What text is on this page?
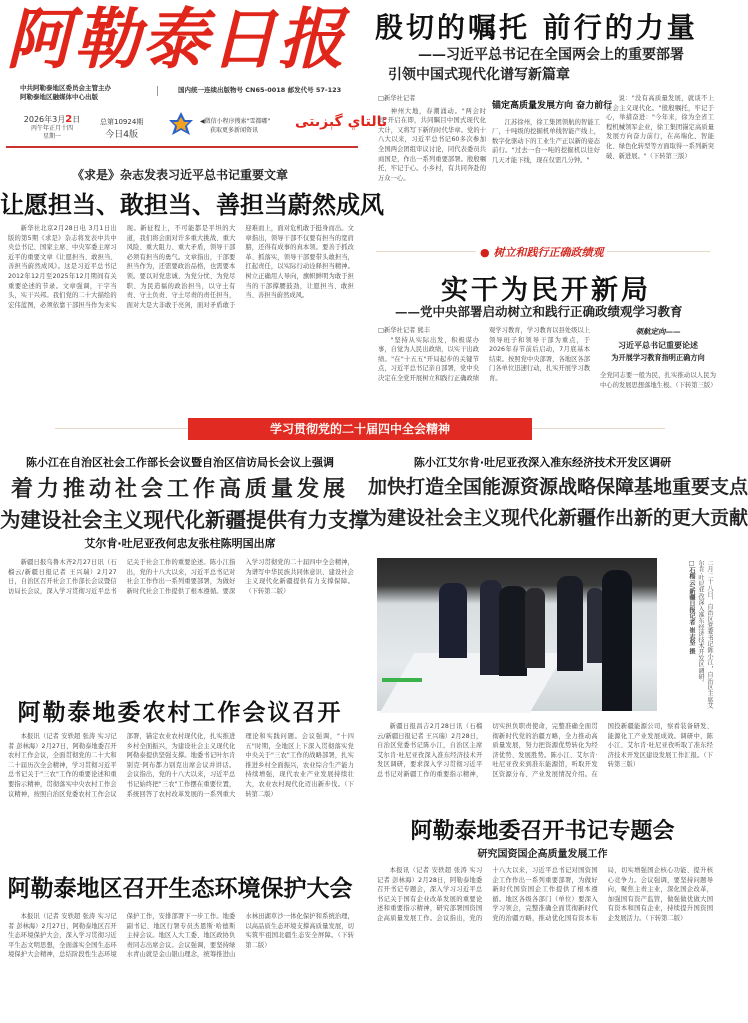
阿勒泰日报
中共阿勒泰地区委员会主管主办
阿勒泰地区融媒体中心出版
国内统一连续出版物号 CN65-0018 邮发代号 57-123
2026年3月2日
丙午年正月十四
星期一
总第10924期
今日4版
◀微信小程序搜索"雪都嘟"
获取更多新闻资讯
ئالتاي گېزىتى
殷切的嘱托 前行的力量
——习近平总书记在全国两会上的重要部署
引领中国式现代化谱写新篇章
□新华社记者

神州大地，春潮涌动。"两会时间"开启在即，共同瞩目中国式现代化大计，又将写下新的时代华章。党的十八大以来，习近平总书记60多次参加全国两会团组审议讨论，同代表委员共商国是，作出一系列重要部署。殷殷嘱托，牢记于心。小乡村，有共同奔赴的万众一心。

锚定高质量发展方向 奋力前行

江苏徐州，徐工集团领航的智能工厂，十吨级的挖掘机单线智能产线上，数字化驱动下的工业生产正以新的姿态前行。"过去一台一吨的挖掘机以往好几天才能下线，现在仅需几分钟。"

说："没有高质量发展，就谈不上社会主义现代化。"殷殷嘱托，牢记于心，举措奋进："今年来，徐为全省工程机械领军企业，徐工集团锚定高质量发展方向奋力前行，在高端化、智能化、绿色化转型等方面取得一系列新突破、新进展。"（下转第三版）

《求是》杂志发表习近平总书记重要文章
让愿担当、敢担当、善担当蔚然成风

新华社北京2月28日电 3月1日出版的第5期《求是》杂志将发表中共中央总书记、国家主席、中央军委主席习近平的重要文章《让愿担当、敢担当、善担当蔚然成风》。这是习近平总书记2012年12月至2025年12月期间有关重要论述的节录。文章强调，干字当头，实干兴邦。我们党的二十大描绘的宏伟蓝图，必须依靠干部担当作为来实现。新征程上，不可能都是平坦的大道，我们将会面对许多重大挑战、重大风险、重大阻力、重大矛盾，领导干部必须有担当的勇气。文章指出，干部要担当作为，还需要政治品格，也需要本领。要以对党忠诚、为党分忧、为党尽职、为民造福的政治担当，以守土有责、守土负责、守土尽责的责任担当，面对大是大非敢于亮剑，面对矛盾敢于迎难而上，面对危机敢于挺身而出。文章指出，领导干部不仅要有担当的宽肩膀，还得有成事的真本领。要善于抓改革、抓落实，领导干部要带头敢担当，扛起责任，以实际行动诠释担当精神。树立正确用人导向，旗帜鲜明为敢于担当的干部撑腰鼓劲，让愿担当、敢担当、善担当蔚然成风。

● 树立和践行正确政绩观
实干为民开新局
——党中央部署启动树立和践行正确政绩观学习教育
□新华社记者 熊丰

"坚持从实际出发，积极谋办事，自觉为人民出政绩，以实干出政绩。"在"十五五"开局起步的关键节点，习近平总书记亲自部署，党中央决定在全党开展树立和践行正确政绩观学习教育，学习教育以县处级以上领导班子和领导干部为重点，于2026年春节前后启动，7月底基本结束。按照党中央部署，各地区各部门各单位迅速行动，扎实开展学习教育。

领航定向——
习近平总书记重要论述
为开展学习教育指明正确方向
全党同志要一般为民，扎实推动以人民为中心的发展思想落地生根。（下转第三版）
学习贯彻党的二十届四中全会精神
陈小江在自治区社会工作部长会议暨自治区信访局长会议上强调
着力推动社会工作高质量发展
为建设社会主义现代化新疆提供有力支撑
艾尔肯·吐尼亚孜何忠友张柱陈明国出席

新疆日报乌鲁木齐2月27日讯（石榴云/新疆日报记者 王兴瑞）2月27日，自治区召开社会工作部长会议暨信访局长会议，深入学习贯彻习近平总书记关于社会工作的重要论述。陈小江指出，党的十八大以来，习近平总书记对社会工作作出一系列重要部署，为做好新时代社会工作提供了根本遵循。要深入学习贯彻党的二十届四中全会精神，为谱写中华民族共同体意识、建设社会主义现代化新疆提供有力支撑保障。（下转第二版）

陈小江艾尔肯·吐尼亚孜深入准东经济技术开发区调研
加快打造全国能源资源战略保障基地重要支点
为建设社会主义现代化新疆作出新的更大贡献
二月二十八日，自治区党委书记陈小江，自治区主席艾尔肯·吐尼亚孜深入准东经济技术开发区调研。
□石榴云/新疆日报记者 崔志坚 摄

新疆日报昌吉2月28日讯（石榴云/新疆日报记者 王兴瑞）2月28日，自治区党委书记陈小江，自治区主席艾尔肯·吐尼亚孜深入准东经济技术开发区调研，要求深入学习贯彻习近平总书记对新疆工作的重要指示精神，切实担负职责使命，完整准确全面贯彻新时代党的治疆方略，全力推动高质量发展，努力把资源优势转化为经济优势、发展胜势。陈小江、艾尔肯·吐尼亚孜来到准东能源馆，听取开发区资源分布、产业发展情况介绍。在国投新疆能源公司，察看装备研发、能源化工产业发展成效。调研中，陈小江、艾尔肯·吐尼亚孜听取了准东经济技术开发区建设发展工作汇报。（下转第三版）

阿勒泰地委农村工作会议召开

本报讯（记者 安轶超 张涛 实习记者 彭林海）2月27日，阿勒泰地委召开农村工作会议，全面贯彻党的二十大和二十届历次全会精神，学习贯彻习近平总书记关于"三农"工作的重要论述和重要指示精神，贯彻落实中央农村工作会议精神，按照自治区党委农村工作会议部署，锚定农业农村现代化，扎实推进乡村全面振兴，为建设社会主义现代化阿勒泰提供坚强支撑。地委书记叶尔肯别克·阿布都力别克出席会议并讲话。会议指出，党的十八大以来，习近平总书记始终把"三农"工作摆在重要位置，系统回答了农村改革发展的一系列重大理论和实践问题。会议强调，"十四五"时期，全地区上下深入贯彻落实党中央关于"三农"工作的战略部署，扎实推进乡村全面振兴，农业综合生产能力持续增强，现代农业产业发展持续壮大，农业农村现代化迈出新步伐。（下转第二版）

阿勒泰地委召开书记专题会
研究国资国企高质量发展工作

本报讯（记者 安轶超 张涛 实习记者 彭林海）2月28日，阿勒泰地委召开书记专题会，深入学习习近平总书记关于国有企业改革发展的重要论述和重要指示精神，研究部署国资国企高质量发展工作。会议指出，党的十八大以来，习近平总书记对国资国企工作作出一系列重要部署，为做好新时代国资国企工作提供了根本遵循。地区各级各部门（单位）要深入学习领会，完整准确全面贯彻新时代党的治疆方略，推动优化国有资本布局，切实增强国企核心功能、提升核心竞争力。会议强调，要坚持问题导向，聚焦主责主业，深化国企改革，加强国有资产监管，做强做优做大国有资本和国有企业，持续提升国资国企发展活力。（下转第二版）

阿勒泰地区召开生态环境保护大会

本报讯（记者 安轶超 张涛 实习记者 彭林海）2月27日，阿勒泰地区召开生态环境保护大会，深入学习贯彻习近平生态文明思想，全面落实全国生态环境保护大会精神，总结阶段性生态环境保护工作，安排部署下一步工作。地委副书记、地区行署专员杰恩斯·哈德斯主持会议。地区人大工委、地区政协负责同志出席会议。会议强调，要坚持绿水青山就是金山银山理念，统筹推进山水林田湖草沙一体化保护和系统治理，以高品质生态环境支撑高质量发展，切实筑牢祖国北疆生态安全屏障。（下转第二版）
